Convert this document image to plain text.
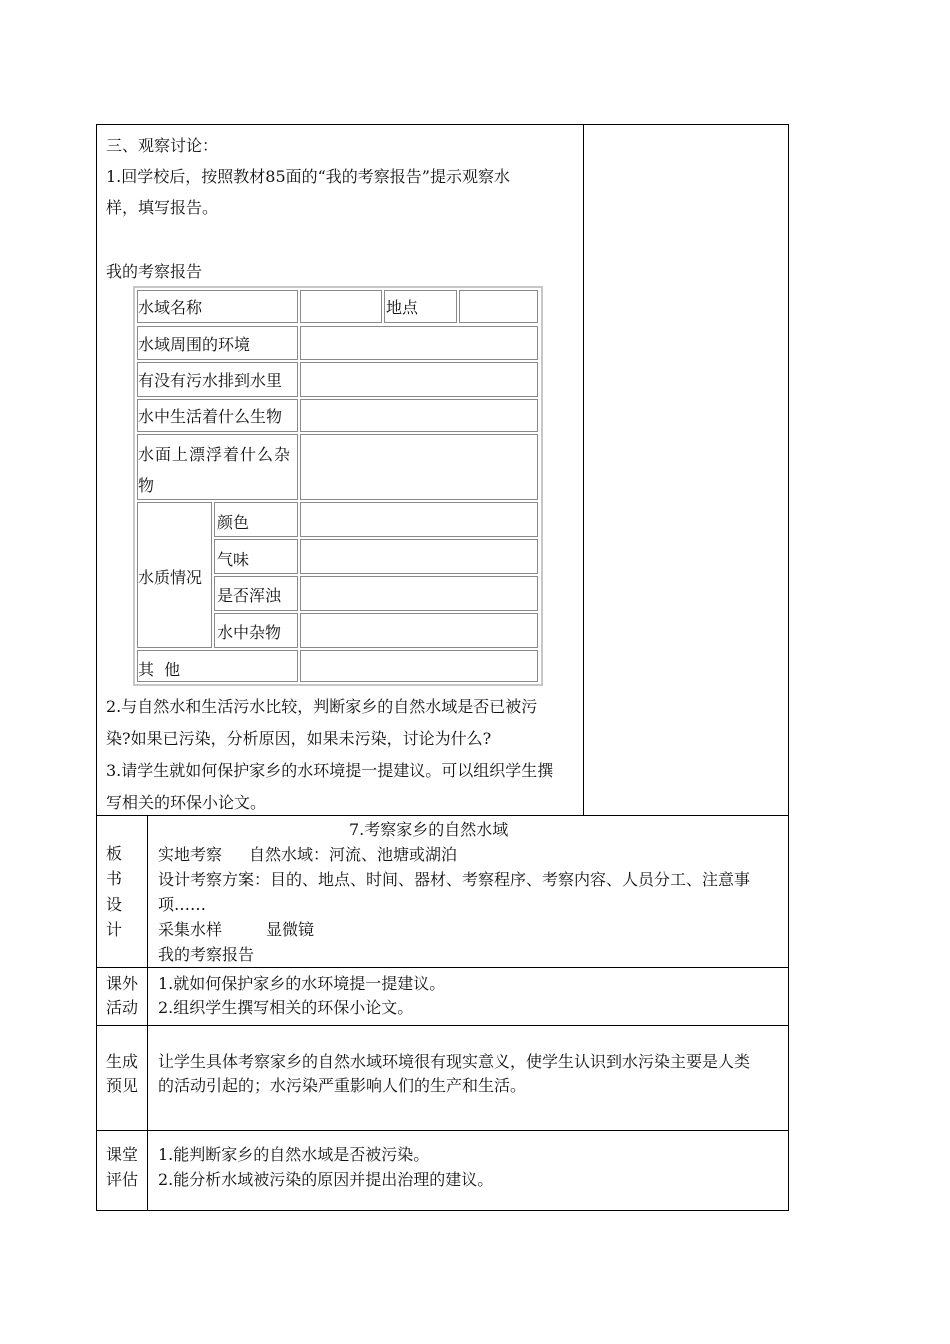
三、观察讨论：
1.回学校后，按照教材85面的“我的考察报告”提示观察水
样，填写报告。
我的考察报告
水域名称	地点
水域周围的环境
有没有污水排到水里
水中生活着什么生物
水面上漂浮着什么杂
物
水质情况
颜色
气味
是否浑浊
水中杂物
其  他
2.与自然水和生活污水比较，判断家乡的自然水域是否已被污
染?如果已污染，分析原因，如果未污染，讨论为什么?
3.请学生就如何保护家乡的水环境提一提建议。可以组织学生撰
写相关的环保小论文。
板
书
设
计
7.考察家乡的自然水域
实地考察 自然水域：河流、池塘或湖泊
设计考察方案：目的、地点、时间、器材、考察程序、考察内容、人员分工、注意事
项……
采集水样	显微镜
我的考察报告
课外
活动
1.就如何保护家乡的水环境提一提建议。
2.组织学生撰写相关的环保小论文。
生成
预见
让学生具体考察家乡的自然水域环境很有现实意义，使学生认识到水污染主要是人类
的活动引起的；水污染严重影响人们的生产和生活。
课堂
评估
1.能判断家乡的自然水域是否被污染。
2.能分析水域被污染的原因并提出治理的建议。
